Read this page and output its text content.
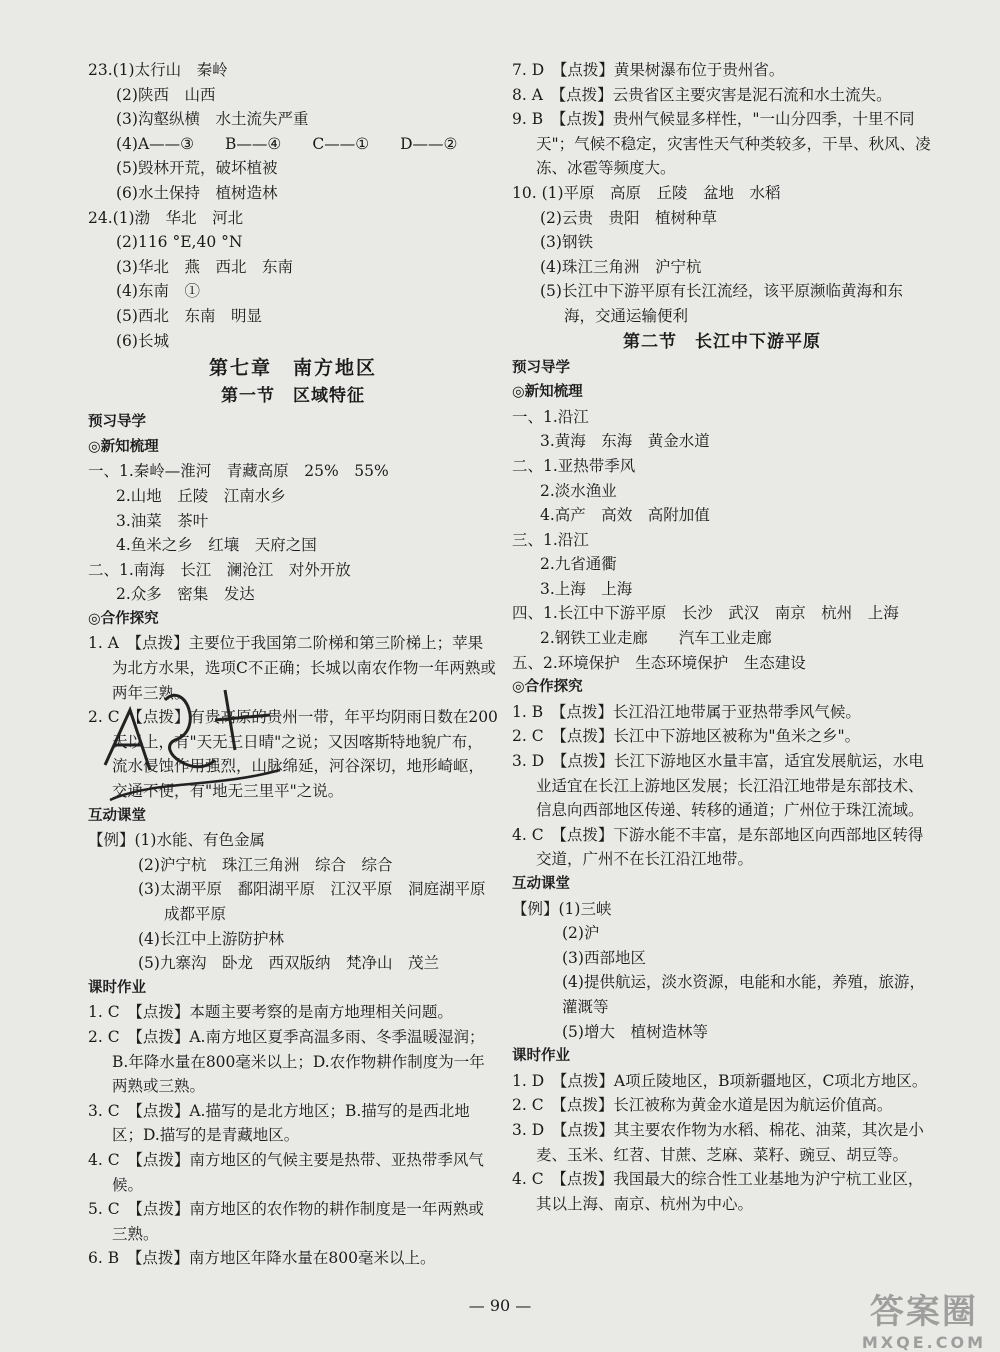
23.(1)太行山　秦岭
(2)陕西　山西
(3)沟壑纵横　水土流失严重
(4)A——③　　B——④　　C——①　　D——②
(5)毁林开荒，破坏植被
(6)水土保持　植树造林
24.(1)渤　华北　河北
(2)116 °E,40 °N
(3)华北　燕　西北　东南
(4)东南　①
(5)西北　东南　明显
(6)长城
第七章　南方地区
第一节　区域特征
预习导学
◎新知梳理
一、1.秦岭—淮河　青藏高原　25%　55%
2.山地　丘陵　江南水乡
3.油菜　茶叶
4.鱼米之乡　红壤　天府之国
二、1.南海　长江　澜沧江　对外开放
2.众多　密集　发达
◎合作探究
1. A　【点拨】主要位于我国第二阶梯和第三阶梯上；苹果为北方水果，选项C不正确；长城以南农作物一年两熟或两年三熟。
2. C　【点拨】有贵高原的贵州一带，年平均阴雨日数在200天以上，有"天无三日晴"之说；又因喀斯特地貌广布，流水侵蚀作用强烈，山脉绵延，河谷深切，地形崎岖，交通不便，有"地无三里平"之说。
互动课堂
【例】(1)水能、有色金属
(2)沪宁杭　珠江三角洲　综合　综合
(3)太湖平原　鄱阳湖平原　江汉平原　洞庭湖平原
成都平原
(4)长江中上游防护林
(5)九寨沟　卧龙　西双版纳　梵净山　茂兰
课时作业
1. C　【点拨】本题主要考察的是南方地理相关问题。
2. C　【点拨】A.南方地区夏季高温多雨、冬季温暖湿润；B.年降水量在800毫米以上；D.农作物耕作制度为一年两熟或三熟。
3. C　【点拨】A.描写的是北方地区；B.描写的是西北地区；D.描写的是青藏地区。
4. C　【点拨】南方地区的气候主要是热带、亚热带季风气候。
5. C　【点拨】南方地区的农作物的耕作制度是一年两熟或三熟。
6. B　【点拨】南方地区年降水量在800毫米以上。
7. D　【点拨】黄果树瀑布位于贵州省。
8. A　【点拨】云贵省区主要灾害是泥石流和水土流失。
9. B　【点拨】贵州气候显多样性，"一山分四季，十里不同天"；气候不稳定，灾害性天气种类较多，干旱、秋风、凌冻、冰雹等频度大。
10. (1)平原　高原　丘陵　盆地　水稻
(2)云贵　贵阳　植树种草
(3)钢铁
(4)珠江三角洲　沪宁杭
(5)长江中下游平原有长江流经，该平原濒临黄海和东海，交通运输便利
第二节　长江中下游平原
预习导学
◎新知梳理
一、1.沿江
3.黄海　东海　黄金水道
二、1.亚热带季风
2.淡水渔业
4.高产　高效　高附加值
三、1.沿江
2.九省通衢
3.上海　上海
四、1.长江中下游平原　长沙　武汉　南京　杭州　上海
2.钢铁工业走廊　　汽车工业走廊
五、2.环境保护　生态环境保护　生态建设
◎合作探究
1. B　【点拨】长江沿江地带属于亚热带季风气候。
2. C　【点拨】长江中下游地区被称为"鱼米之乡"。
3. D　【点拨】长江下游地区水量丰富，适宜发展航运，水电业适宜在长江上游地区发展；长江沿江地带是东部技术、信息向西部地区传递、转移的通道；广州位于珠江流域。
4. C　【点拨】下游水能不丰富，是东部地区向西部地区转得交道，广州不在长江沿江地带。
互动课堂
【例】(1)三峡
(2)沪
(3)西部地区
(4)提供航运，淡水资源，电能和水能，养殖，旅游，灌溉等
(5)增大　植树造林等
课时作业
1. D　【点拨】A项丘陵地区，B项新疆地区，C项北方地区。
2. C　【点拨】长江被称为黄金水道是因为航运价值高。
3. D　【点拨】其主要农作物为水稻、棉花、油菜，其次是小麦、玉米、红苕、甘蔗、芝麻、菜籽、豌豆、胡豆等。
4. C　【点拨】我国最大的综合性工业基地为沪宁杭工业区，其以上海、南京、杭州为中心。
— 90 —	答案圈
MXQE.COM
